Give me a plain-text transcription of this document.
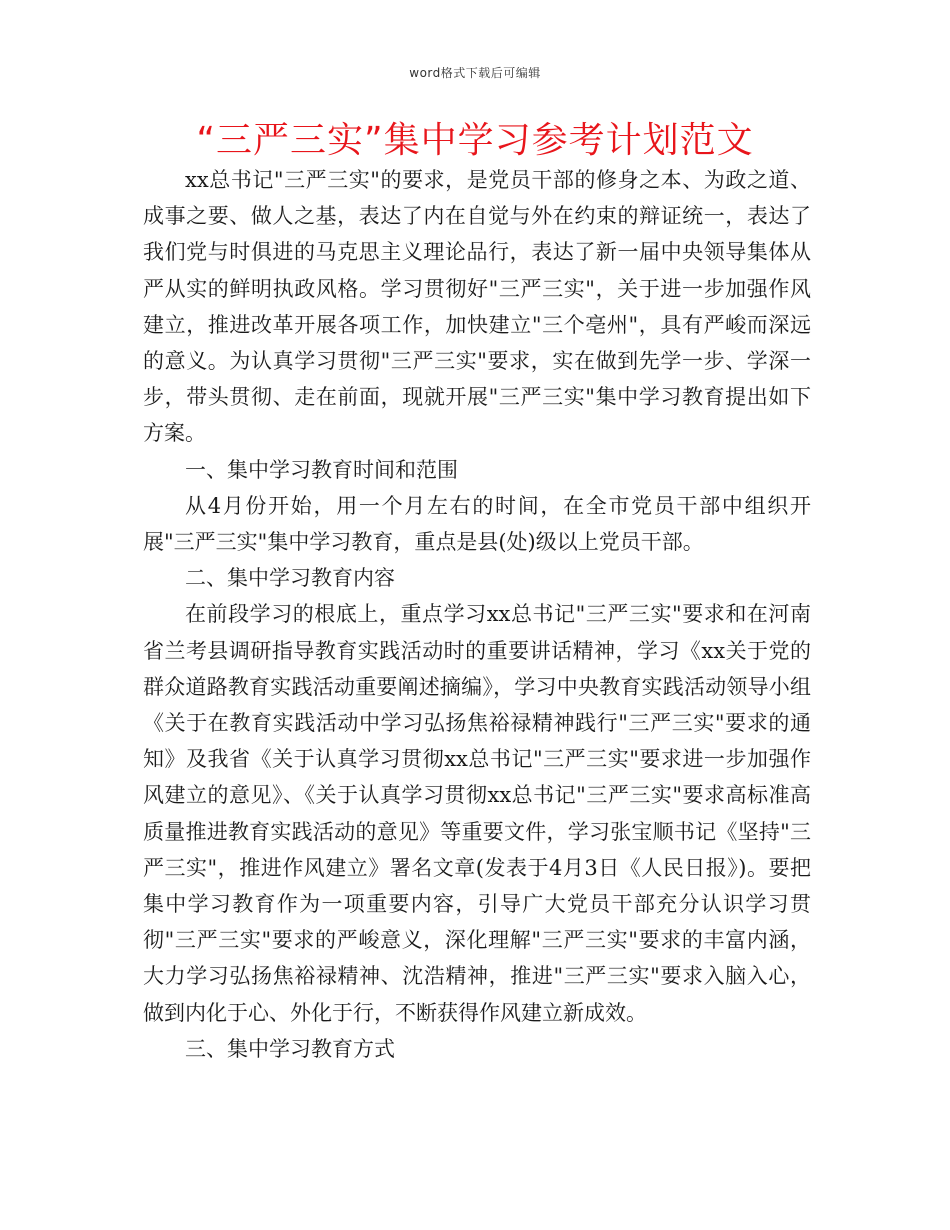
word格式下载后可编辑
“三严三实”集中学习参考计划范文

xx总书记"三严三实"的要求，是党员干部的修身之本、为政之道、成事之要、做人之基，表达了内在自觉与外在约束的辩证统一，表达了我们党与时俱进的马克思主义理论品行，表达了新一届中央领导集体从严从实的鲜明执政风格。学习贯彻好"三严三实"，关于进一步加强作风建立，推进改革开展各项工作，加快建立"三个亳州"，具有严峻而深远的意义。为认真学习贯彻"三严三实"要求，实在做到先学一步、学深一步，带头贯彻、走在前面，现就开展"三严三实"集中学习教育提出如下方案。

一、集中学习教育时间和范围

从4月份开始，用一个月左右的时间，在全市党员干部中组织开展"三严三实"集中学习教育，重点是县(处)级以上党员干部。

二、集中学习教育内容

在前段学习的根底上，重点学习xx总书记"三严三实"要求和在河南省兰考县调研指导教育实践活动时的重要讲话精神，学习《xx关于党的群众道路教育实践活动重要阐述摘编》，学习中央教育实践活动领导小组《关于在教育实践活动中学习弘扬焦裕禄精神践行"三严三实"要求的通知》及我省《关于认真学习贯彻xx总书记"三严三实"要求进一步加强作风建立的意见》、《关于认真学习贯彻xx总书记"三严三实"要求高标准高质量推进教育实践活动的意见》等重要文件，学习张宝顺书记《坚持"三严三实"，推进作风建立》署名文章(发表于4月3日《人民日报》)。要把集中学习教育作为一项重要内容，引导广大党员干部充分认识学习贯彻"三严三实"要求的严峻意义，深化理解"三严三实"要求的丰富内涵，大力学习弘扬焦裕禄精神、沈浩精神，推进"三严三实"要求入脑入心，做到内化于心、外化于行，不断获得作风建立新成效。

三、集中学习教育方式
